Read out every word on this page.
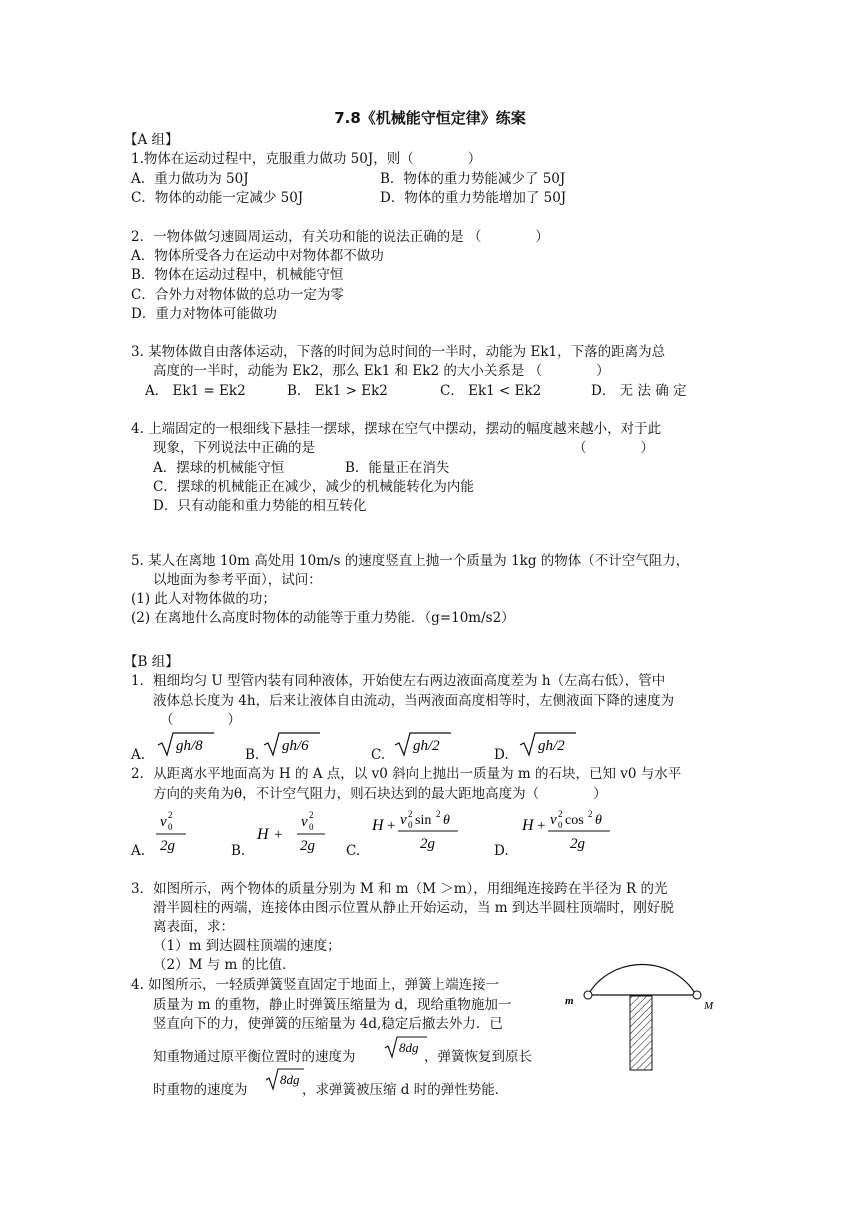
7.8《机械能守恒定律》练案
【A 组】
1.物体在运动过程中，克服重力做功 50J，则（　　　　）
A．重力做功为 50J	B．物体的重力势能减少了 50J
C．物体的动能一定减少 50J	D．物体的重力势能增加了 50J
2．一物体做匀速圆周运动，有关功和能的说法正确的是 （　　　　）
A．物体所受各力在运动中对物体都不做功
B．物体在运动过程中，机械能守恒
C．合外力对物体做的总功一定为零
D．重力对物体可能做功
3. 某物体做自由落体运动，下落的时间为总时间的一半时，动能为 Ek1，下落的距离为总
高度的一半时，动能为 Ek2，那么 Ek1 和 Ek2 的大小关系是 （　　　　）
A． Ek1 = Ek2	B． Ek1 > Ek2	C． Ek1 < Ek2	D． 无 法 确 定
4. 上端固定的一根细线下悬挂一摆球，摆球在空气中摆动，摆动的幅度越来越小，对于此
现象，下列说法中正确的是	（　　　　）
A．摆球的机械能守恒	B．能量正在消失
C．摆球的机械能正在减少，减少的机械能转化为内能
D．只有动能和重力势能的相互转化
5. 某人在离地 10m 高处用 10m/s 的速度竖直上抛一个质量为 1kg 的物体（不计空气阻力，
以地面为参考平面），试问：
(1) 此人对物体做的功；
(2) 在离地什么高度时物体的动能等于重力势能．（g=10m/s2）
【B 组】
1．粗细均匀 U 型管内装有同种液体，开始使左右两边液面高度差为 h（左高右低），管中
液体总长度为 4h，后来让液体自由流动，当两液面高度相等时，左侧液面下降的速度为
（　　　　）
A.
gh/8
B.
gh/6
C.
gh/2
D.
gh/2
2．从距离水平地面高为 H 的 A 点，以 v0 斜向上抛出一质量为 m 的石块，已知 v0 与水平
方向的夹角为θ，不计空气阻力，则石块达到的最大距地高度为（　　　　）
A.
v 0
2
2g	B.
H +
v 0
2
2g C.
H + v 0
2 sin 2 θ
2g	D.
H + v 0
2 cos 2 θ
2g
3．如图所示，两个物体的质量分别为 M 和 m（M ＞m），用细绳连接跨在半径为 R 的光
滑半圆柱的两端，连接体由图示位置从静止开始运动，当 m 到达半圆柱顶端时，刚好脱
离表面，求：
（1）m 到达圆柱顶端的速度；
（2）M 与 m 的比值．
4. 如图所示，一轻质弹簧竖直固定于地面上，弹簧上端连接一
质量为 m 的重物，静止时弹簧压缩量为 d，现给重物施加一
竖直向下的力，使弹簧的压缩量为 4d,稳定后撤去外力．已
知重物通过原平衡位置时的速度为
8dg
，弹簧恢复到原长
时重物的速度为
8dg
，求弹簧被压缩 d 时的弹性势能．
m	M
